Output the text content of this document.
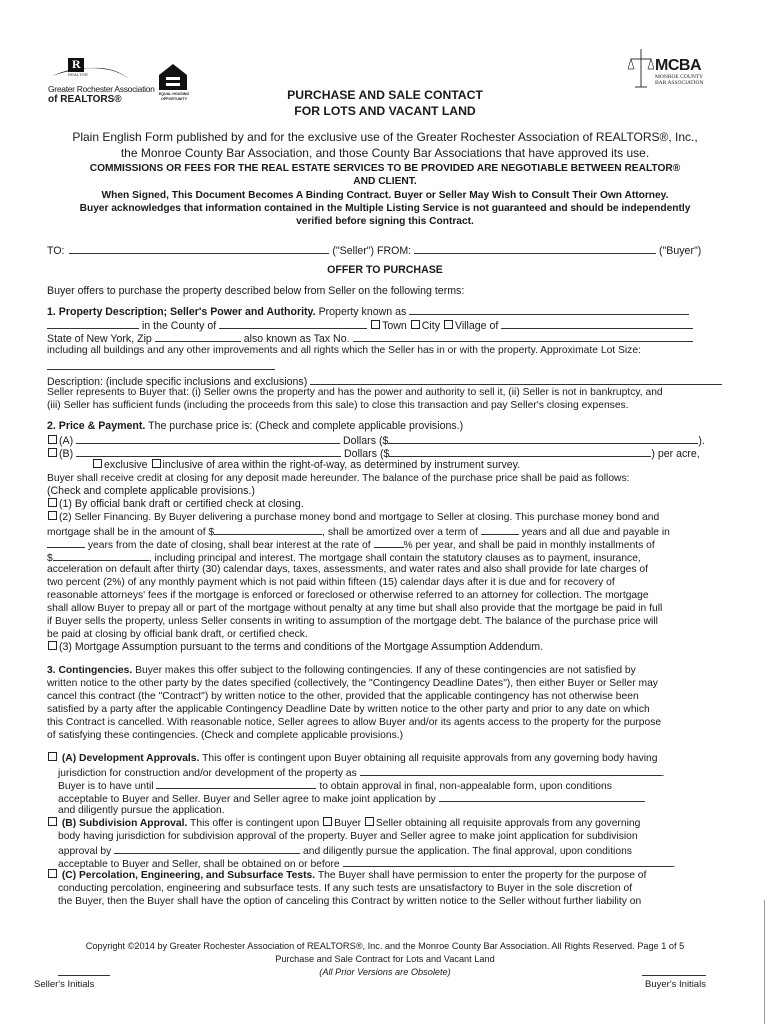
R
REALTOR
Greater Rochester Association
of REALTORS®	EQUAL HOUSING OPPORTUNITY
MCBA
MONROE COUNTY
BAR ASSOCIATION
PURCHASE AND SALE CONTACT
FOR LOTS AND VACANT LAND
Plain English Form published by and for the exclusive use of the Greater Rochester Association of REALTORS®, Inc.,
the Monroe County Bar Association, and those County Bar Associations that have approved its use.
COMMISSIONS OR FEES FOR THE REAL ESTATE SERVICES TO BE PROVIDED ARE NEGOTIABLE BETWEEN REALTOR®
AND CLIENT.
When Signed, This Document Becomes A Binding Contract. Buyer or Seller May Wish to Consult Their Own Attorney.
Buyer acknowledges that information contained in the Multiple Listing Service is not guaranteed and should be independently
verified before signing this Contract.
TO:	("Seller") FROM:	("Buyer")
OFFER TO PURCHASE
Buyer offers to purchase the property described below from Seller on the following terms:
1. Property Description; Seller's Power and Authority. Property known as
in the County of	Town City Village of
State of New York, Zip	also known as Tax No.
including all buildings and any other improvements and all rights which the Seller has in or with the property. Approximate Lot Size:
Description: (include specific inclusions and exclusions)
Seller represents to Buyer that: (i) Seller owns the property and has the power and authority to sell it, (ii) Seller is not in bankruptcy, and
(iii) Seller has sufficient funds (including the proceeds from this sale) to close this transaction and pay Seller's closing expenses.
2. Price & Payment. The purchase price is: (Check and complete applicable provisions.)
(A)	Dollars ($	).
(B)	Dollars ($	) per acre,
exclusive inclusive of area within the right-of-way, as determined by instrument survey.
Buyer shall receive credit at closing for any deposit made hereunder. The balance of the purchase price shall be paid as follows:
(Check and complete applicable provisions.)
(1) By official bank draft or certified check at closing.
(2) Seller Financing. By Buyer delivering a purchase money bond and mortgage to Seller at closing. This purchase money bond and
mortgage shall be in the amount of $	, shall be amortized over a term of	years and all due and payable in
years from the date of closing, shall bear interest at the rate of	% per year, and shall be paid in monthly installments of
$	, including principal and interest. The mortgage shall contain the statutory clauses as to payment, insurance,
acceleration on default after thirty (30) calendar days, taxes, assessments, and water rates and also shall provide for late charges of
two percent (2%) of any monthly payment which is not paid within fifteen (15) calendar days after it is due and for recovery of
reasonable attorneys' fees if the mortgage is enforced or foreclosed or otherwise referred to an attorney for collection. The mortgage
shall allow Buyer to prepay all or part of the mortgage without penalty at any time but shall also provide that the mortgage be paid in full
if Buyer sells the property, unless Seller consents in writing to assumption of the mortgage debt. The balance of the purchase price will
be paid at closing by official bank draft, or certified check.
(3) Mortgage Assumption pursuant to the terms and conditions of the Mortgage Assumption Addendum.
3. Contingencies. Buyer makes this offer subject to the following contingencies. If any of these contingencies are not satisfied by
written notice to the other party by the dates specified (collectively, the "Contingency Deadline Dates"), then either Buyer or Seller may
cancel this contract (the "Contract") by written notice to the other, provided that the applicable contingency has not otherwise been
satisfied by a party after the applicable Contingency Deadline Date by written notice to the other party and prior to any date on which
this Contract is cancelled. With reasonable notice, Seller agrees to allow Buyer and/or its agents access to the property for the purpose
of satisfying these contingencies. (Check and complete applicable provisions.)
(A) Development Approvals. This offer is contingent upon Buyer obtaining all requisite approvals from any governing body having
jurisdiction for construction and/or development of the property as	.
Buyer is to have until	to obtain approval in final, non-appealable form, upon conditions
acceptable to Buyer and Seller. Buyer and Seller agree to make joint application by
and diligently pursue the application.
(B) Subdivision Approval. This offer is contingent upon Buyer Seller obtaining all requisite approvals from any governing
body having jurisdiction for subdivision approval of the property. Buyer and Seller agree to make joint application for subdivision
approval by	and diligently pursue the application. The final approval, upon conditions
acceptable to Buyer and Seller, shall be obtained on or before	.
(C) Percolation, Engineering, and Subsurface Tests. The Buyer shall have permission to enter the property for the purpose of
conducting percolation, engineering and subsurface tests. If any such tests are unsatisfactory to Buyer in the sole discretion of
the Buyer, then the Buyer shall have the option of canceling this Contract by written notice to the Seller without further liability on
Copyright ©2014 by Greater Rochester Association of REALTORS®, Inc. and the Monroe County Bar Association. All Rights Reserved. Page 1 of 5
Purchase and Sale Contract for Lots and Vacant Land
(All Prior Versions are Obsolete)
Seller's Initials	Buyer's Initials
